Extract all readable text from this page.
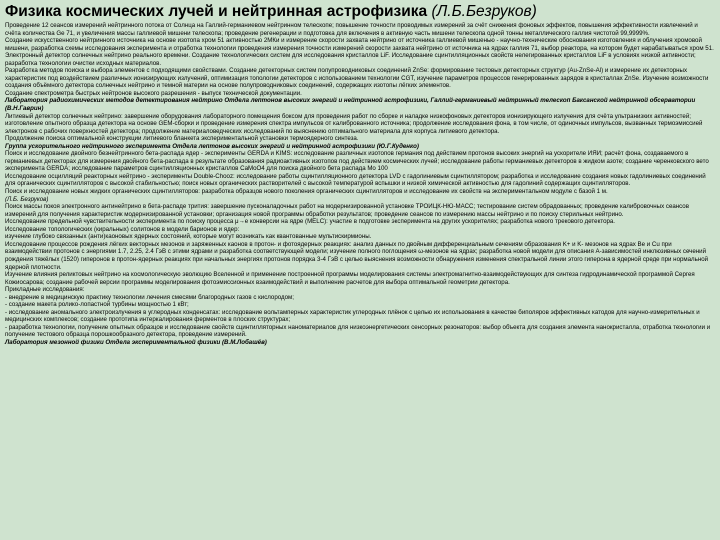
Физика космических лучей и нейтринная астрофизика (Л.Б.Безруков)

Проведение 12 сеансов измерений нейтринного потока от Солнца на Галлий-германиевом нейтринном телескопе; повышение точности проводимых измерений за счёт снижения фоновых эффектов, повышения эффективности извлечений и счёта количества Ge 71, и увеличения массы галлиевой мишени телескопа; проведение регенерации и подготовка для включения в активную часть мишени телескопа одной тонны металлического галлия чистотой 99,9999%.

Создание искусственного нейтринного источника на основе изотопа хром 51 активностью 2МКи и измерение скорости захвата нейтрино от источника галлиевой мишенью - научно-технические обоснования изготовления и облучения хромовой мишени, разработка схемы исследования эксперимента и отработка технологии проведения измерения точности измерений скорости захвата нейтрино от источника на ядрах галлия 71, выбор реактора, на котором будет нарабатываться хром 51.

Электронный детектор солнечных нейтрино реального времени. Создание технологических систем для исследования кристаллов LiF. Исследование сцинтилляционных свойств нелегированных кристаллов LiF в условиях низкой активности; разработка технологии очистки исходных материалов.

Разработка методов поиска и выбора элементов с подходящими свойствами. Создание детекторных систем полупроводниковых соединений ZnSe: формирование тестовых детекторных структур (Au-ZnSe-Al) и измерение их детекторных характеристик под воздействием различных ионизирующих излучений, оптимизация топологии детекторов с использованием технологии CGT, изучение параметров процессов генерированных зарядов в кристаллах ZnSe. Изучение возможности создания объёмного детектора солнечных нейтрино и темной материи на основе полупроводниковых соединений, содержащих изотопы лёгких элементов.

Создание спектрометра быстрых нейтронов высокого разрешения - выпуск технической документации.

Лаборатория радиохимических методов детектирования нейтрино Отдела лептонов высоких энергий и нейтринной астрофизики, Галлий-германиевый нейтринный телескоп Баксанской нейтринной обсерватории (В.Н.Гаврин)

Литиевый детектор солнечных нейтрино: завершение оборудования лабораторного помещения боксом для проведения работ по сборке и наладке низкофоновых детекторов ионизирующего излучения для счёта ультранизких активностей; изготовление опытного образца детектора на основе GEM-сборки и проведение измерения спектра импульсов от калиброванного источника; продолжение исследования фона, в том числе, от одиночных импульсов, вызванных термоэмиссией электронов с рабочих поверхностей детектора; продолжение материаловедческих исследований по выяснению оптимального материала для корпуса литиевого детектора.

Продолжение поиска оптимальной конструкции литиевого бланкета экспериментальной установки термоядерного синтеза.

Группа ускорительного нейтринного эксперимента Отдела лептонов высоких энергий и нейтринной астрофизики (Ю.Г.Куденко)

Поиск и исследование двойного безнейтринного бета-распада ядер - эксперименты GERDA и KIMS: исследование различных изотопов германия под действием протонов высоких энергий на ускорителе ИЯИ; расчёт фона, создаваемого в германиевых детекторах для измерения двойного бета-распада в результате образования радиоактивных изотопов под действием космических лучей; исследование работы германиевых детекторов в жидком азоте; создание черенковского вето эксперимента GERDA; исследование параметров сцинтилляционных кристаллов CaMoO4 для поиска двойного бета распада Mo 100

Исследование осцилляций реакторных нейтрино - эксперименты Double-Chooz: исследование работы сцинтилляционного детектора LVD с гадолиниевым сцинтиллятором; разработка и исследование создания новых гадолиниевых соединений для органических сцинтилляторов с высокой стабильностью; поиск новых органических растворителей с высокой температурой вспышки и низкой химической активностью для гадолиний содержащих сцинтилляторов.

Поиск и исследование новых жидких органических сцинтилляторов: разработка образцов нового поколения органических сцинтилляторов и исследование их свойств на экспериментальном модуле с базой 1 м.

(Л.Б. Безруков)

Поиск массы покоя электронного антинейтрино в бета-распаде трития: завершение пусконаладочных работ на модернизированной установке ТРОИЦК-НЮ-МАСС; тестирование систем обрадованных; проведение калибровочных сеансов измерений для получения характеристик модернизированной установки; организация новой программы обработки результатов; проведение сеансов по измерению массы нейтрино и по поиску стерильных нейтрино.

Исследование предельной чувствительности эксперимента по поиску процесса μ→e конверсии на ядре (MELC): участие в подготовке эксперимента на других ускорителях; разработка нового трекового детектора.

Исследование топологических (киральных) солитонов в модели барионов и ядер:

изучение глубоко связанных (анти)каоновых ядерных состояний, которые могут возникать как квантованные мультискирмионы.

Исследование процессов рождения лёгких векторных мезонов и заряженных каонов в протон- и фотоядерных реакциях: анализ данных по двойным дифференциальным сечениям образования K+ и K- мезонов на ядрах Be и Cu при взаимодействии протонов с энергиями 1.7, 2.25, 2.4 ГэВ с этими ядрами и разработка соответствующей модели; изучение полного поглощения ω-мезонов на ядрах; разработка новой модели для описания A-зависимостей инклюзивных сечений рождения тяжёлых (1520) гиперонов в протон-ядерных реакциях при начальных энергиях протонов порядка 3-4 ГэВ с целью выяснения возможности обнаружения изменения спектральной линии этого гиперона в ядерной среде при нормальной ядерной плотности.

Изучение влияния реликтовых нейтрино на космологическую эволюцию Вселенной и применение построенной программы моделирования системы электромагнитно-взаимодействующих для синтеза гидродинамической программой Сергея Кожиосарова; создание рабочей версии программы моделирования фотоэмиссионных взаимодействий и выполнение расчетов для выбора оптимальной геометрии детектора.

Прикладные исследования:

- внедрение в медицинскую практику технологии лечения смесями благородных газов с кислородом;

- создание макета ролико-лопастной турбины мощностью 1 кВт;

- исследование аномального электроизлучения в углеродных конденсатах: исследование вольтамперных характеристик углеродных плёнок с целью их использования в качестве биполяров эффективных катодов для научно-измерительных и медицинских комплексов; создание прототипа интеркалирования ферментов в плоских структурах;

- разработка технологии, получение опытных образцов и исследование свойств сцинтилляторных наноматериалов для низкоэнергетических сенсорных резонаторов: выбор объекта для создания элемента нанокристалла, отработка технологии и получение тестового образца порошкообразного детектора, проведение измерений.

Лаборатория мезонной физики Отдела экспериментальной физики (В.М.Лобашёв)
